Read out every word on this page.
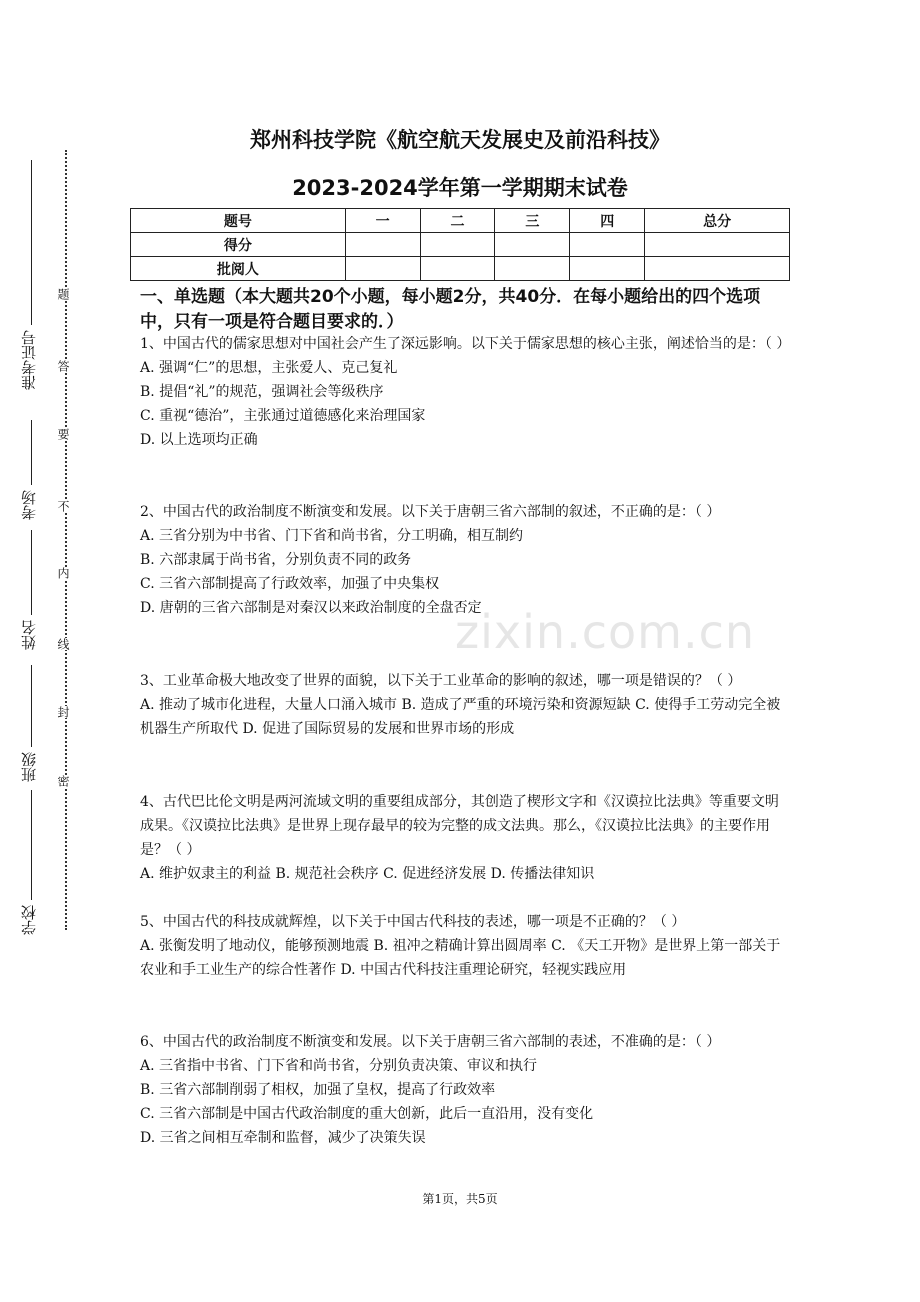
学校
班级
姓名
考场
准考证号
题
答
要
不
内
线
封
密
郑州科技学院《航空航天发展史及前沿科技》
2023-2024学年第一学期期末试卷
题号	一	二	三	四	总分
得分					
批阅人					
一、单选题（本大题共20个小题，每小题2分，共40分．在每小题给出的四个选项中，只有一项是符合题目要求的．）
zixin.com.cn

1、中国古代的儒家思想对中国社会产生了深远影响。以下关于儒家思想的核心主张，阐述恰当的是：（ ）

A. 强调“仁”的思想，主张爱人、克己复礼

B. 提倡“礼”的规范，强调社会等级秩序

C. 重视“德治”，主张通过道德感化来治理国家

D. 以上选项均正确

2、中国古代的政治制度不断演变和发展。以下关于唐朝三省六部制的叙述，不正确的是：（ ）

A. 三省分别为中书省、门下省和尚书省，分工明确，相互制约

B. 六部隶属于尚书省，分别负责不同的政务

C. 三省六部制提高了行政效率，加强了中央集权

D. 唐朝的三省六部制是对秦汉以来政治制度的全盘否定

3、工业革命极大地改变了世界的面貌，以下关于工业革命的影响的叙述，哪一项是错误的？（ ）

A. 推动了城市化进程，大量人口涌入城市 B. 造成了严重的环境污染和资源短缺 C. 使得手工劳动完全被机器生产所取代 D. 促进了国际贸易的发展和世界市场的形成

4、古代巴比伦文明是两河流域文明的重要组成部分，其创造了楔形文字和《汉谟拉比法典》等重要文明成果。《汉谟拉比法典》是世界上现存最早的较为完整的成文法典。那么，《汉谟拉比法典》的主要作用是？（ ）

A. 维护奴隶主的利益 B. 规范社会秩序 C. 促进经济发展 D. 传播法律知识

5、中国古代的科技成就辉煌，以下关于中国古代科技的表述，哪一项是不正确的？（ ）

A. 张衡发明了地动仪，能够预测地震 B. 祖冲之精确计算出圆周率 C. 《天工开物》是世界上第一部关于农业和手工业生产的综合性著作 D. 中国古代科技注重理论研究，轻视实践应用

6、中国古代的政治制度不断演变和发展。以下关于唐朝三省六部制的表述，不准确的是：（ ）

A. 三省指中书省、门下省和尚书省，分别负责决策、审议和执行

B. 三省六部制削弱了相权，加强了皇权，提高了行政效率

C. 三省六部制是中国古代政治制度的重大创新，此后一直沿用，没有变化

D. 三省之间相互牵制和监督，减少了决策失误

第1页，共5页
